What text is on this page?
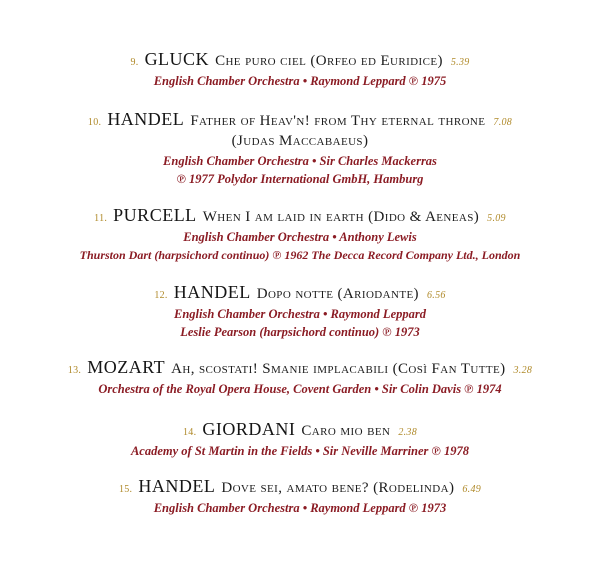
9. GLUCK Che puro ciel (Orfeo ed Euridice) 5.39
English Chamber Orchestra • Raymond Leppard ℗ 1975
10. HANDEL Father of Heav'n! from Thy eternal throne 7.08
(Judas Maccabaeus)
English Chamber Orchestra • Sir Charles Mackerras
℗ 1977 Polydor International GmbH, Hamburg
11. PURCELL When I am laid in earth (Dido & Aeneas) 5.09
English Chamber Orchestra • Anthony Lewis
Thurston Dart (harpsichord continuo) ℗ 1962 The Decca Record Company Ltd., London
12. HANDEL Dopo notte (Ariodante) 6.56
English Chamber Orchestra • Raymond Leppard
Leslie Pearson (harpsichord continuo) ℗ 1973
13. MOZART Ah, scostati! Smanie implacabili (Così Fan Tutte) 3.28
Orchestra of the Royal Opera House, Covent Garden • Sir Colin Davis ℗ 1974
14. GIORDANI Caro mio ben 2.38
Academy of St Martin in the Fields • Sir Neville Marriner ℗ 1978
15. HANDEL Dove sei, amato bene? (Rodelinda) 6.49
English Chamber Orchestra • Raymond Leppard ℗ 1973
